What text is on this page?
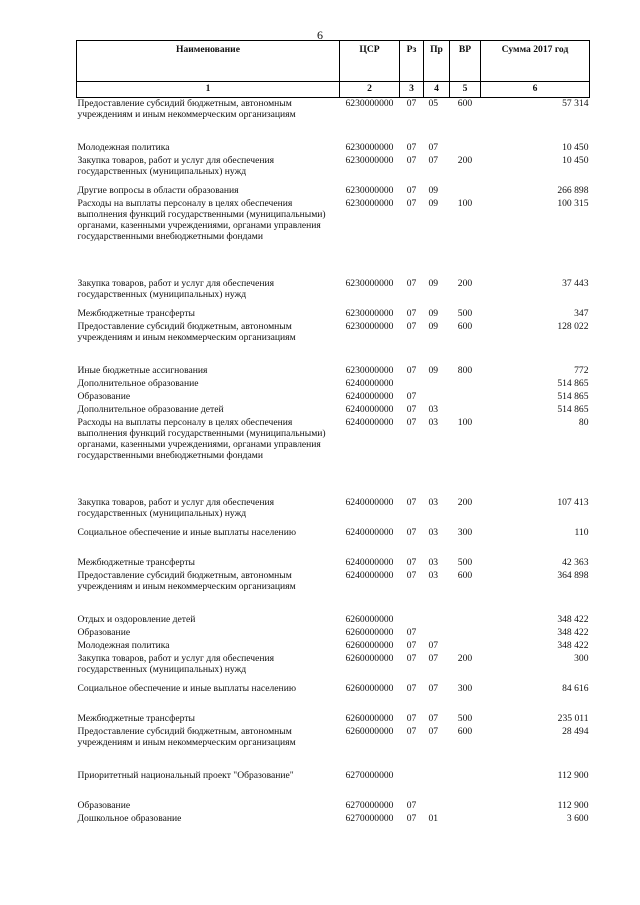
6
Наименование	ЦСР	Рз	Пр	ВР	Сумма 2017 год
1	2	3	4	5	6
Предоставление субсидий бюджетным, автономным учреждениям и иным некоммерческим организациям	6230000000	07	05	600	57 314
Молодежная политика	6230000000	07	07		10 450
Закупка товаров, работ и услуг для обеспечения государственных (муниципальных) нужд	6230000000	07	07	200	10 450
Другие вопросы в области образования	6230000000	07	09		266 898
Расходы на выплаты персоналу в целях обеспечения выполнения функций государственными (муниципальными) органами, казенными учреждениями, органами управления государственными внебюджетными фондами	6230000000	07	09	100	100 315
Закупка товаров, работ и услуг для обеспечения государственных (муниципальных) нужд	6230000000	07	09	200	37 443
Межбюджетные трансферты	6230000000	07	09	500	347
Предоставление субсидий бюджетным, автономным учреждениям и иным некоммерческим организациям	6230000000	07	09	600	128 022
Иные бюджетные ассигнования	6230000000	07	09	800	772
Дополнительное образование	6240000000				514 865
Образование	6240000000	07			514 865
Дополнительное образование детей	6240000000	07	03		514 865
Расходы на выплаты персоналу в целях обеспечения выполнения функций государственными (муниципальными) органами, казенными учреждениями, органами управления государственными внебюджетными фондами	6240000000	07	03	100	80
Закупка товаров, работ и услуг для обеспечения государственных (муниципальных) нужд	6240000000	07	03	200	107 413
Социальное обеспечение и иные выплаты населению	6240000000	07	03	300	110
Межбюджетные трансферты	6240000000	07	03	500	42 363
Предоставление субсидий бюджетным, автономным учреждениям и иным некоммерческим организациям	6240000000	07	03	600	364 898
Отдых и оздоровление детей	6260000000				348 422
Образование	6260000000	07			348 422
Молодежная политика	6260000000	07	07		348 422
Закупка товаров, работ и услуг для обеспечения государственных (муниципальных) нужд	6260000000	07	07	200	300
Социальное обеспечение и иные выплаты населению	6260000000	07	07	300	84 616
Межбюджетные трансферты	6260000000	07	07	500	235 011
Предоставление субсидий бюджетным, автономным учреждениям и иным некоммерческим организациям	6260000000	07	07	600	28 494
Приоритетный национальный проект "Образование"	6270000000				112 900
Образование	6270000000	07			112 900
Дошкольное образование	6270000000	07	01		3 600
